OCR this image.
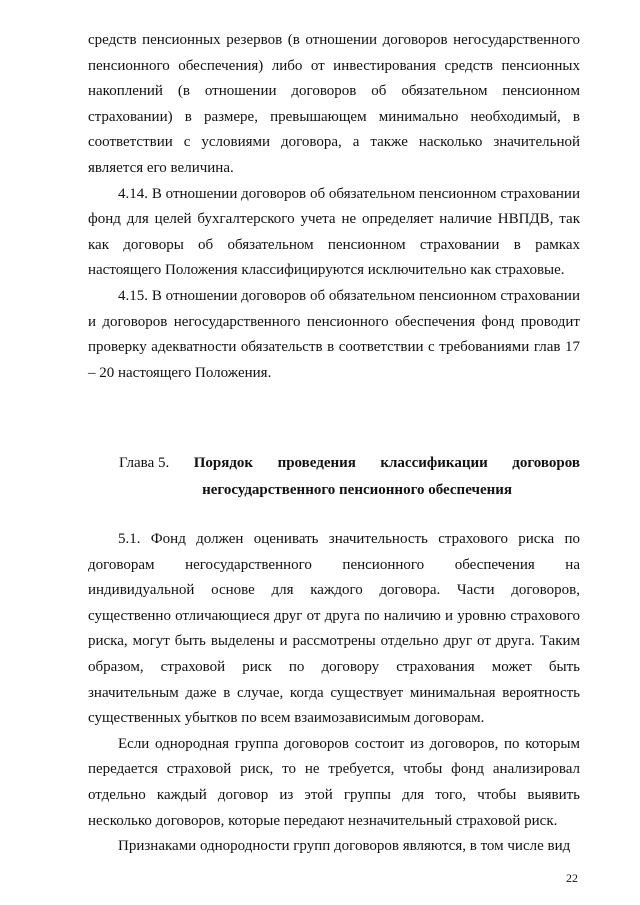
средств пенсионных резервов (в отношении договоров негосударственного пенсионного обеспечения) либо от инвестирования средств пенсионных накоплений (в отношении договоров об обязательном пенсионном страховании) в размере, превышающем минимально необходимый, в соответствии с условиями договора, а также насколько значительной является его величина.

4.14. В отношении договоров об обязательном пенсионном страховании фонд для целей бухгалтерского учета не определяет наличие НВПДВ, так как договоры об обязательном пенсионном страховании в рамках настоящего Положения классифицируются исключительно как страховые.

4.15. В отношении договоров об обязательном пенсионном страховании и договоров негосударственного пенсионного обеспечения фонд проводит проверку адекватности обязательств в соответствии с требованиями глав 17 – 20 настоящего Положения.

Глава 5. Порядок проведения классификации договоров
негосударственного пенсионного обеспечения

5.1. Фонд должен оценивать значительность страхового риска по договорам негосударственного пенсионного обеспечения на индивидуальной основе для каждого договора. Части договоров, существенно отличающиеся друг от друга по наличию и уровню страхового риска, могут быть выделены и рассмотрены отдельно друг от друга. Таким образом, страховой риск по договору страхования может быть значительным даже в случае, когда существует минимальная вероятность существенных убытков по всем взаимозависимым договорам.

Если однородная группа договоров состоит из договоров, по которым передается страховой риск, то не требуется, чтобы фонд анализировал отдельно каждый договор из этой группы для того, чтобы выявить несколько договоров, которые передают незначительный страховой риск.

Признаками однородности групп договоров являются, в том числе вид

22
